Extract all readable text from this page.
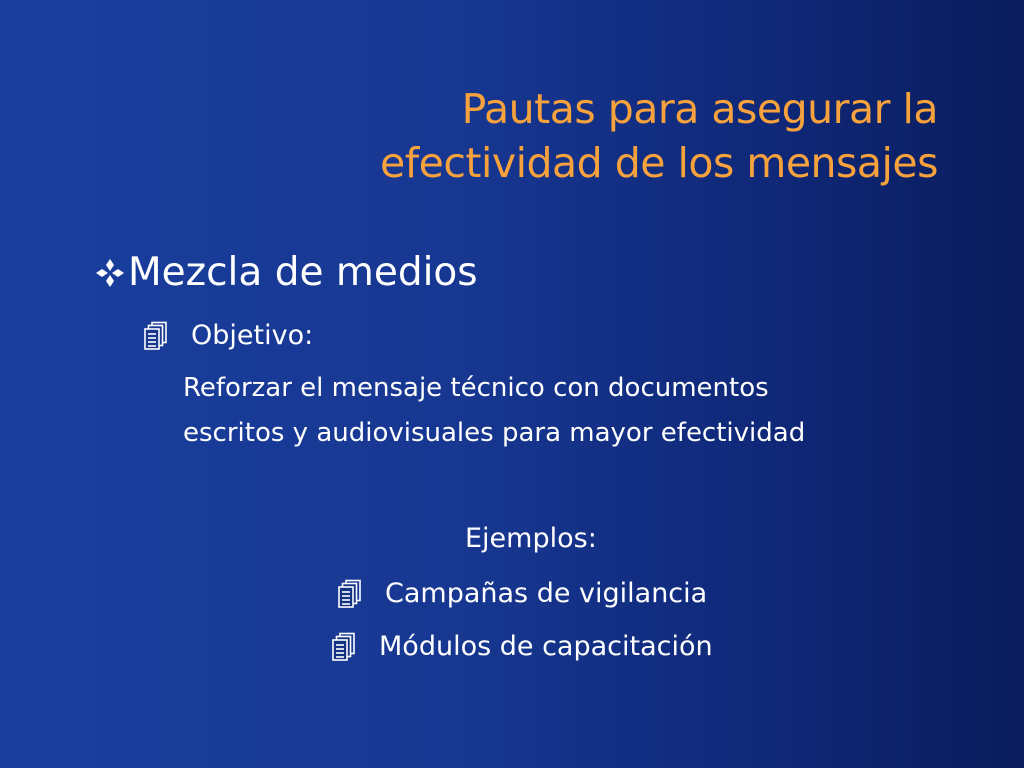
Pautas para asegurar la
efectividad de los mensajes
Mezcla de medios
Objetivo:
Reforzar el mensaje técnico con documentos
escritos y audiovisuales para mayor efectividad
Ejemplos:
Campañas de vigilancia
Módulos de capacitación
